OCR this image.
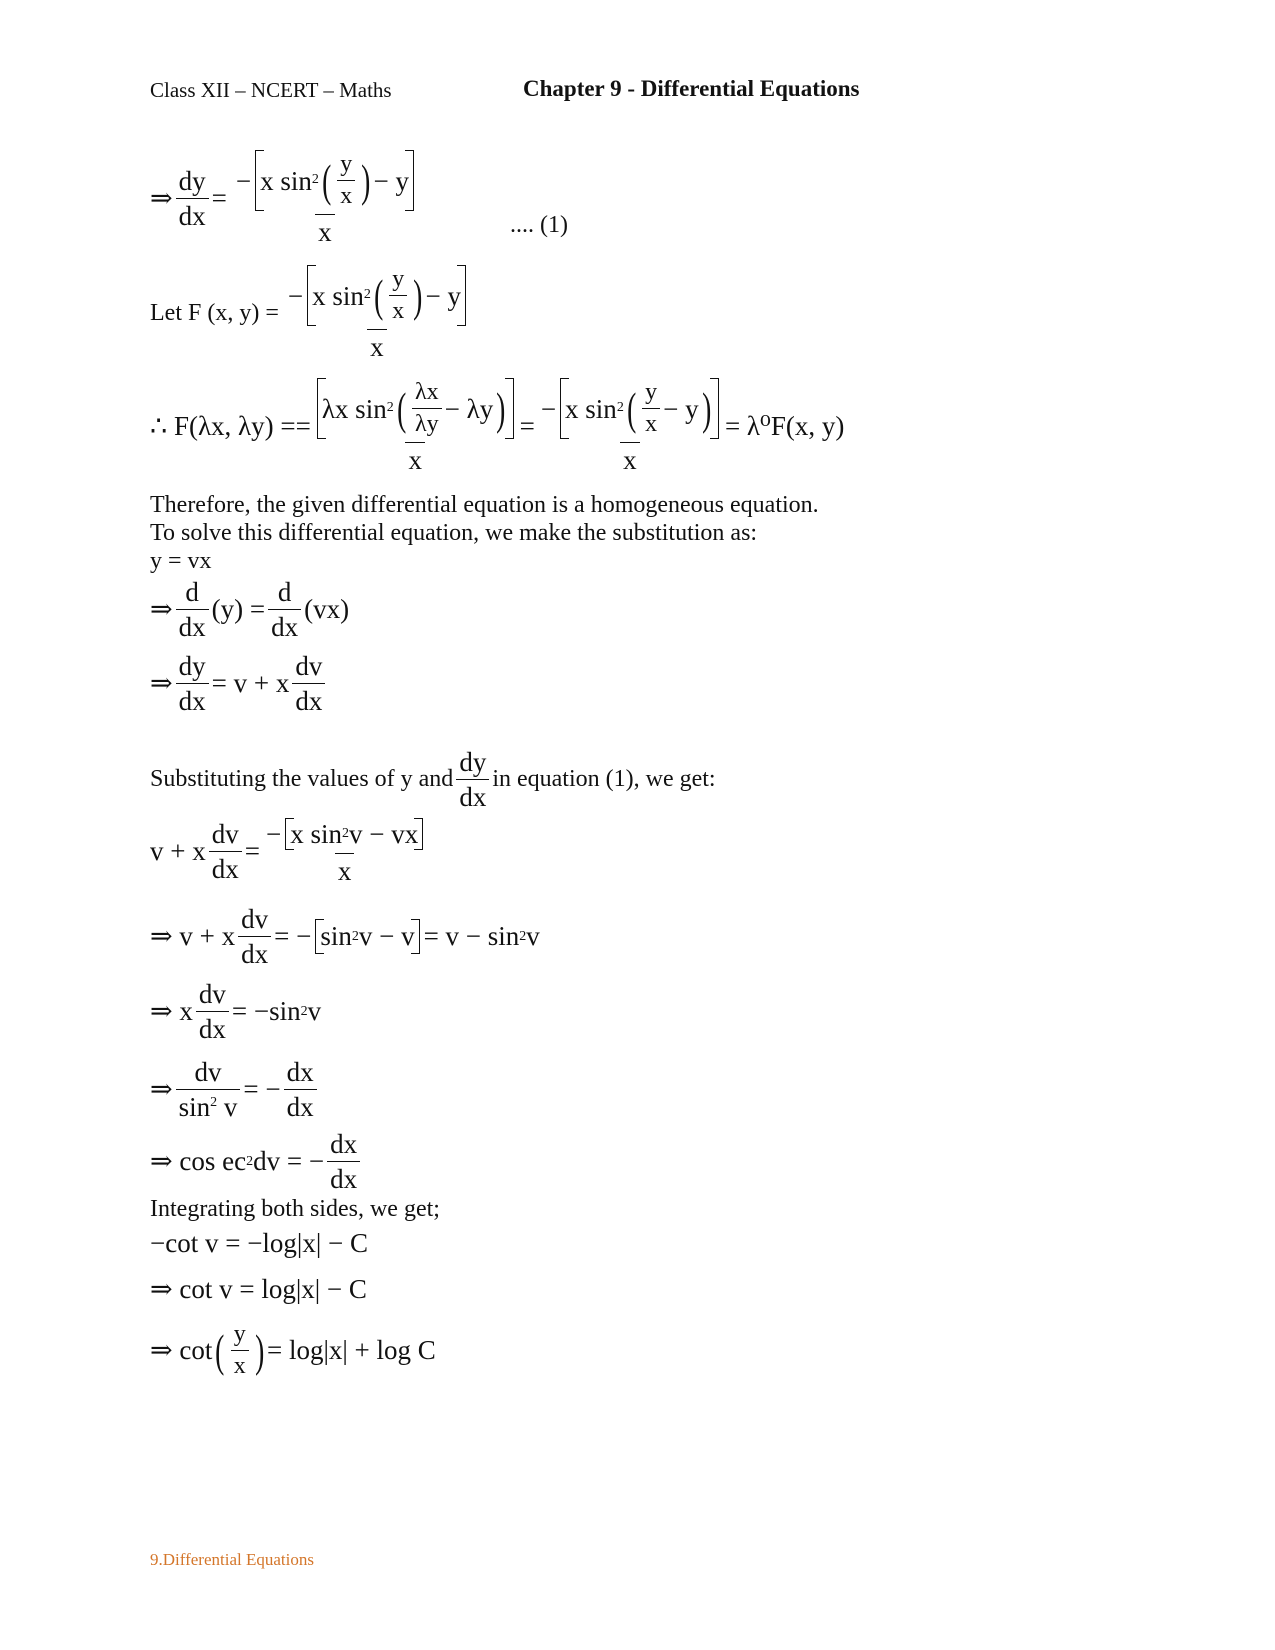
Class XII – NCERT – Maths	Chapter 9 - Differential Equations
⇒ $\frac{dy}{dx}$ = − x sin 2 ( y
x ) − y
x	.... (1)
Let F (x, y) = − x sin 2 ( y
x ) − y
x
∴
F(λx, λy) = =
λx sin 2 ( λx
λy
− λy )
x
= − x sin 2 ( y
x
− y )
x = λ⁰F(x, y)
Therefore, the given differential equation is a homogeneous equation.
To solve this differential equation, we make the substitution as:
y = vx
⇒
d
dx
(y) =
d
dx
(vx)
⇒
dy
dx
= v + x
dv
dx
Substituting the values of y and
dy
dx
in equation (1), we get:
v + x
dv
dx
=
− x sin 2 v − vx
x
⇒ v + x
dv
dx
= − sin 2 v − v = v − sin 2 v
⇒ x
dv
dx
= −sin 2 v
⇒
dv
$\sin^2 v$
= −
dx
dx
⇒ cos ec 2 dv = −
dx
dx
Integrating both sides, we get;
−cot v = −log|x| − C
⇒ cot v = log|x| − C
⇒ cot ( y
x ) = log|x| + log C
9.Differential Equations
